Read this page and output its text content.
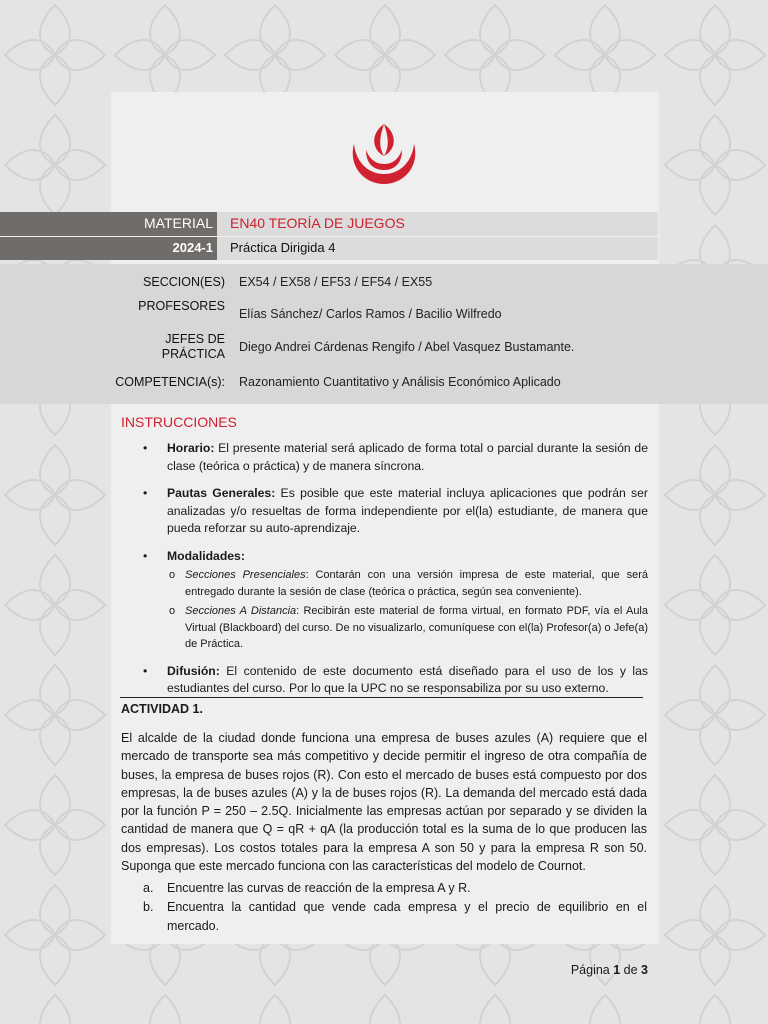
MATERIAL
2024-1
EN40 TEORÍA DE JUEGOS
Práctica Dirigida 4
SECCION(ES) EX54 / EX58 / EF53 / EF54 / EX55
PROFESORES
Elías Sánchez/ Carlos Ramos / Bacilio Wilfredo
JEFES DE
PRÁCTICA Diego Andrei Cárdenas Rengifo / Abel Vasquez Bustamante.
COMPETENCIA(s): Razonamiento Cuantitativo y Análisis Económico Aplicado
INSTRUCCIONES
• Horario: El presente material será aplicado de forma total o parcial durante la sesión de clase (teórica o práctica) y de manera síncrona.
• Pautas Generales: Es posible que este material incluya aplicaciones que podrán ser analizadas y/o resueltas de forma independiente por el(la) estudiante, de manera que pueda reforzar su auto-aprendizaje.
• Modalidades:
o Secciones Presenciales: Contarán con una versión impresa de este material, que será entregado durante la sesión de clase (teórica o práctica, según sea conveniente).
o Secciones A Distancia: Recibirán este material de forma virtual, en formato PDF, vía el Aula Virtual (Blackboard) del curso. De no visualizarlo, comuníquese con el(la) Profesor(a) o Jefe(a) de Práctica.
• Difusión: El contenido de este documento está diseñado para el uso de los y las estudiantes del curso. Por lo que la UPC no se responsabiliza por su uso externo.
ACTIVIDAD 1.
El alcalde de la ciudad donde funciona una empresa de buses azules (A) requiere que el mercado de transporte sea más competitivo y decide permitir el ingreso de otra compañía de buses, la empresa de buses rojos (R). Con esto el mercado de buses está compuesto por dos empresas, la de buses azules (A) y la de buses rojos (R). La demanda del mercado está dada por la función P = 250 – 2.5Q. Inicialmente las empresas actúan por separado y se dividen la cantidad de manera que Q = qR + qA (la producción total es la suma de lo que producen las dos empresas). Los costos totales para la empresa A son 50 y para la empresa R son 50. Suponga que este mercado funciona con las características del modelo de Cournot.
a. Encuentre las curvas de reacción de la empresa A y R.
b. Encuentra la cantidad que vende cada empresa y el precio de equilibrio en el mercado.
Página 1 de 3
